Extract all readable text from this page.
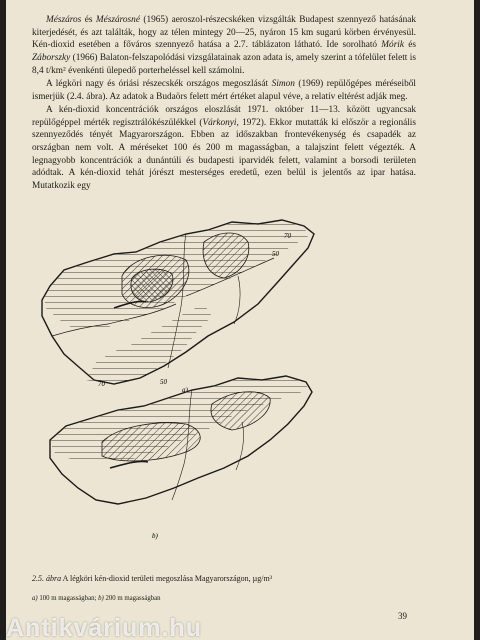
Mészáros és Mészárosné (1965) aeroszol-részecskéken vizsgálták Budapest szennyező hatásának kiterjedését, és azt találták, hogy az télen mintegy 20—25, nyáron 15 km sugarú körben érvényesül. Kén-dioxid esetében a főváros szennyező hatása a 2.7. táblázaton látható. Ide sorolható Mórik és Záborszky (1966) Balaton-felszapolódási vizsgálatainak azon adata is, amely szerint a tófelület felett is 8,4 t/km² évenkénti ülepedő porterheléssel kell számolni.

A légköri nagy és óriási részecskék országos megoszlását Simon (1969) repülőgépes méréseiből ismerjük (2.4. ábra). Az adatok a Budaörs felett mért értéket alapul véve, a relatív eltérést adják meg.

A kén-dioxid koncentrációk országos eloszlását 1971. október 11—13. között ugyancsak repülőgéppel mérték regisztrálókészülékkel (Várkonyi, 1972). Ekkor mutatták ki először a regionális szennyeződés tényét Magyarországon. Ebben az időszakban frontevékenység és csapadék az országban nem volt. A méréseket 100 és 200 m magasságban, a talajszint felett végezték. A legnagyobb koncentrációk a dunántúli és budapesti iparvidék felett, valamint a borsodi területen adódtak. A kén-dioxid tehát jórészt mesterséges eredetű, ezen belül is jelentős az ipar hatása. Mutatkozik egy

70
50
70	50
a)
b)
2.5. ábra A légköri kén-dioxid területi megoszlása Magyarországon, µg/m³
a) 100 m magasságban; b) 200 m magasságban
39
Antikvárium.hu
